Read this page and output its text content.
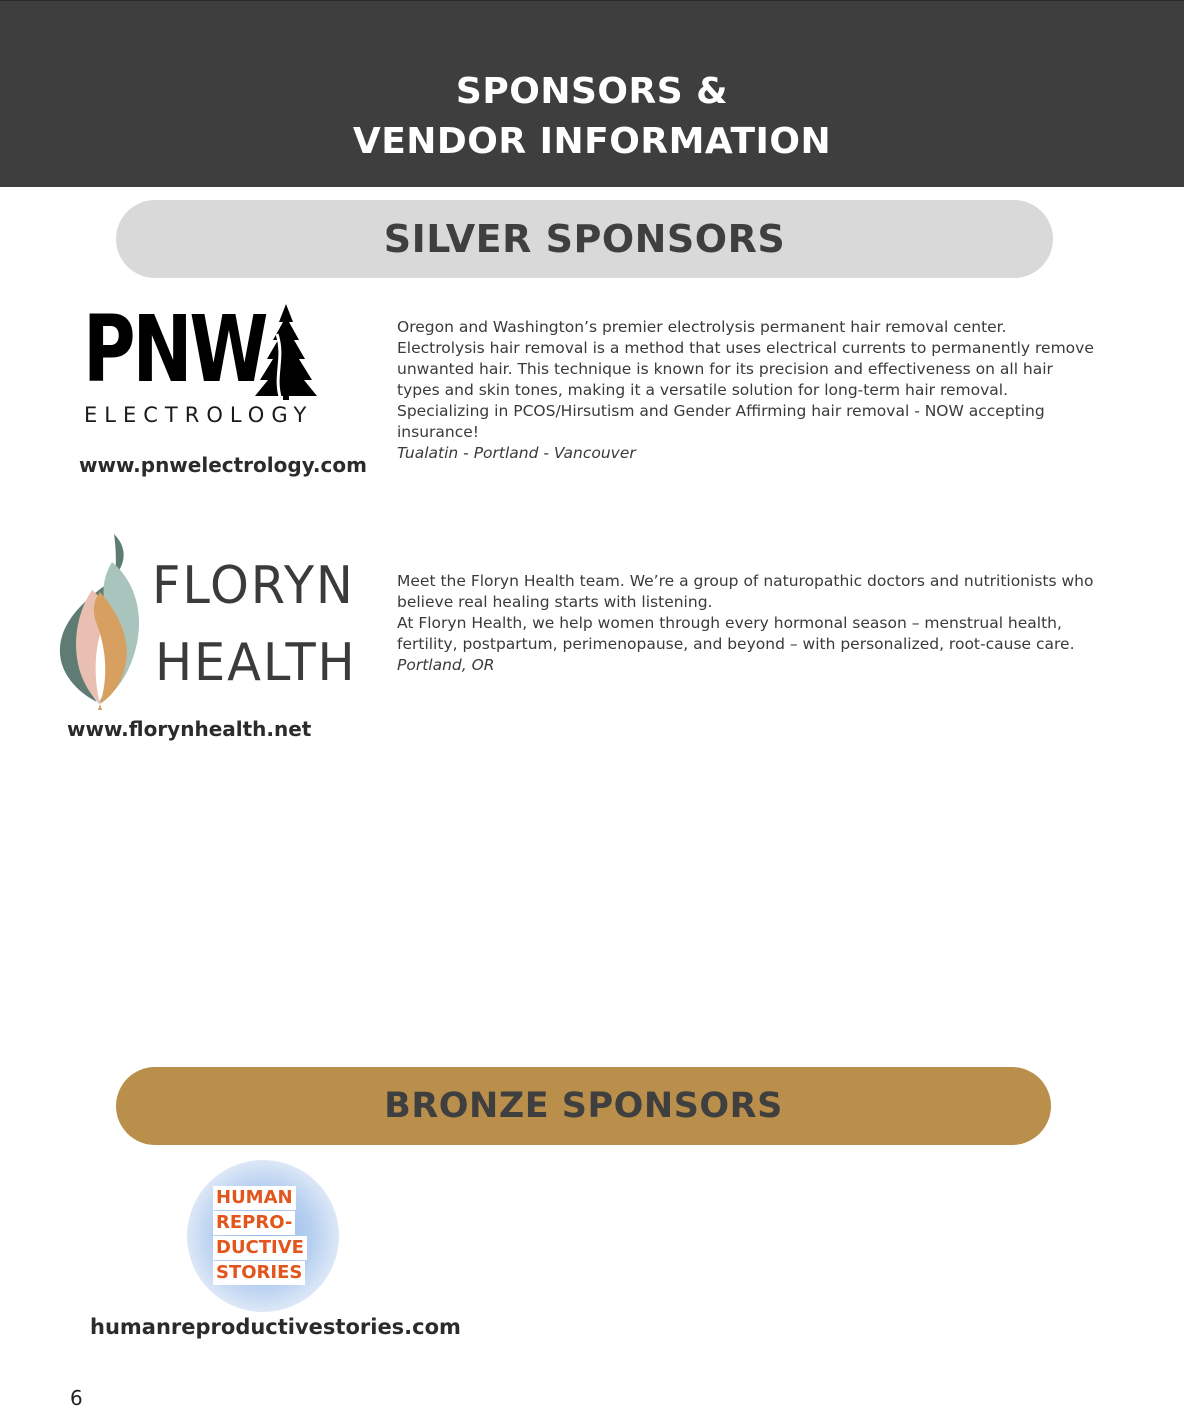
SPONSORS &
VENDOR INFORMATION
SILVER SPONSORS
PNW
ELECTROLOGY
www.pnwelectrology.com

Oregon and Washington’s premier electrolysis permanent hair removal center. Electrolysis hair removal is a method that uses electrical currents to permanently remove unwanted hair. This technique is known for its precision and effectiveness on all hair types and skin tones, making it a versatile solution for long-term hair removal. Specializing in PCOS/Hirsutism and Gender Affirming hair removal - NOW accepting insurance!

Tualatin - Portland - Vancouver

FLORYN
HEALTH
www.florynhealth.net

Meet the Floryn Health team. We’re a group of naturopathic doctors and nutritionists who believe real healing starts with listening.

At Floryn Health, we help women through every hormonal season – menstrual health, fertility, postpartum, perimenopause, and beyond – with personalized, root-cause care.

Portland, OR

BRONZE SPONSORS
HUMAN
REPRO-
DUCTIVE
STORIES
humanreproductivestories.com
6
